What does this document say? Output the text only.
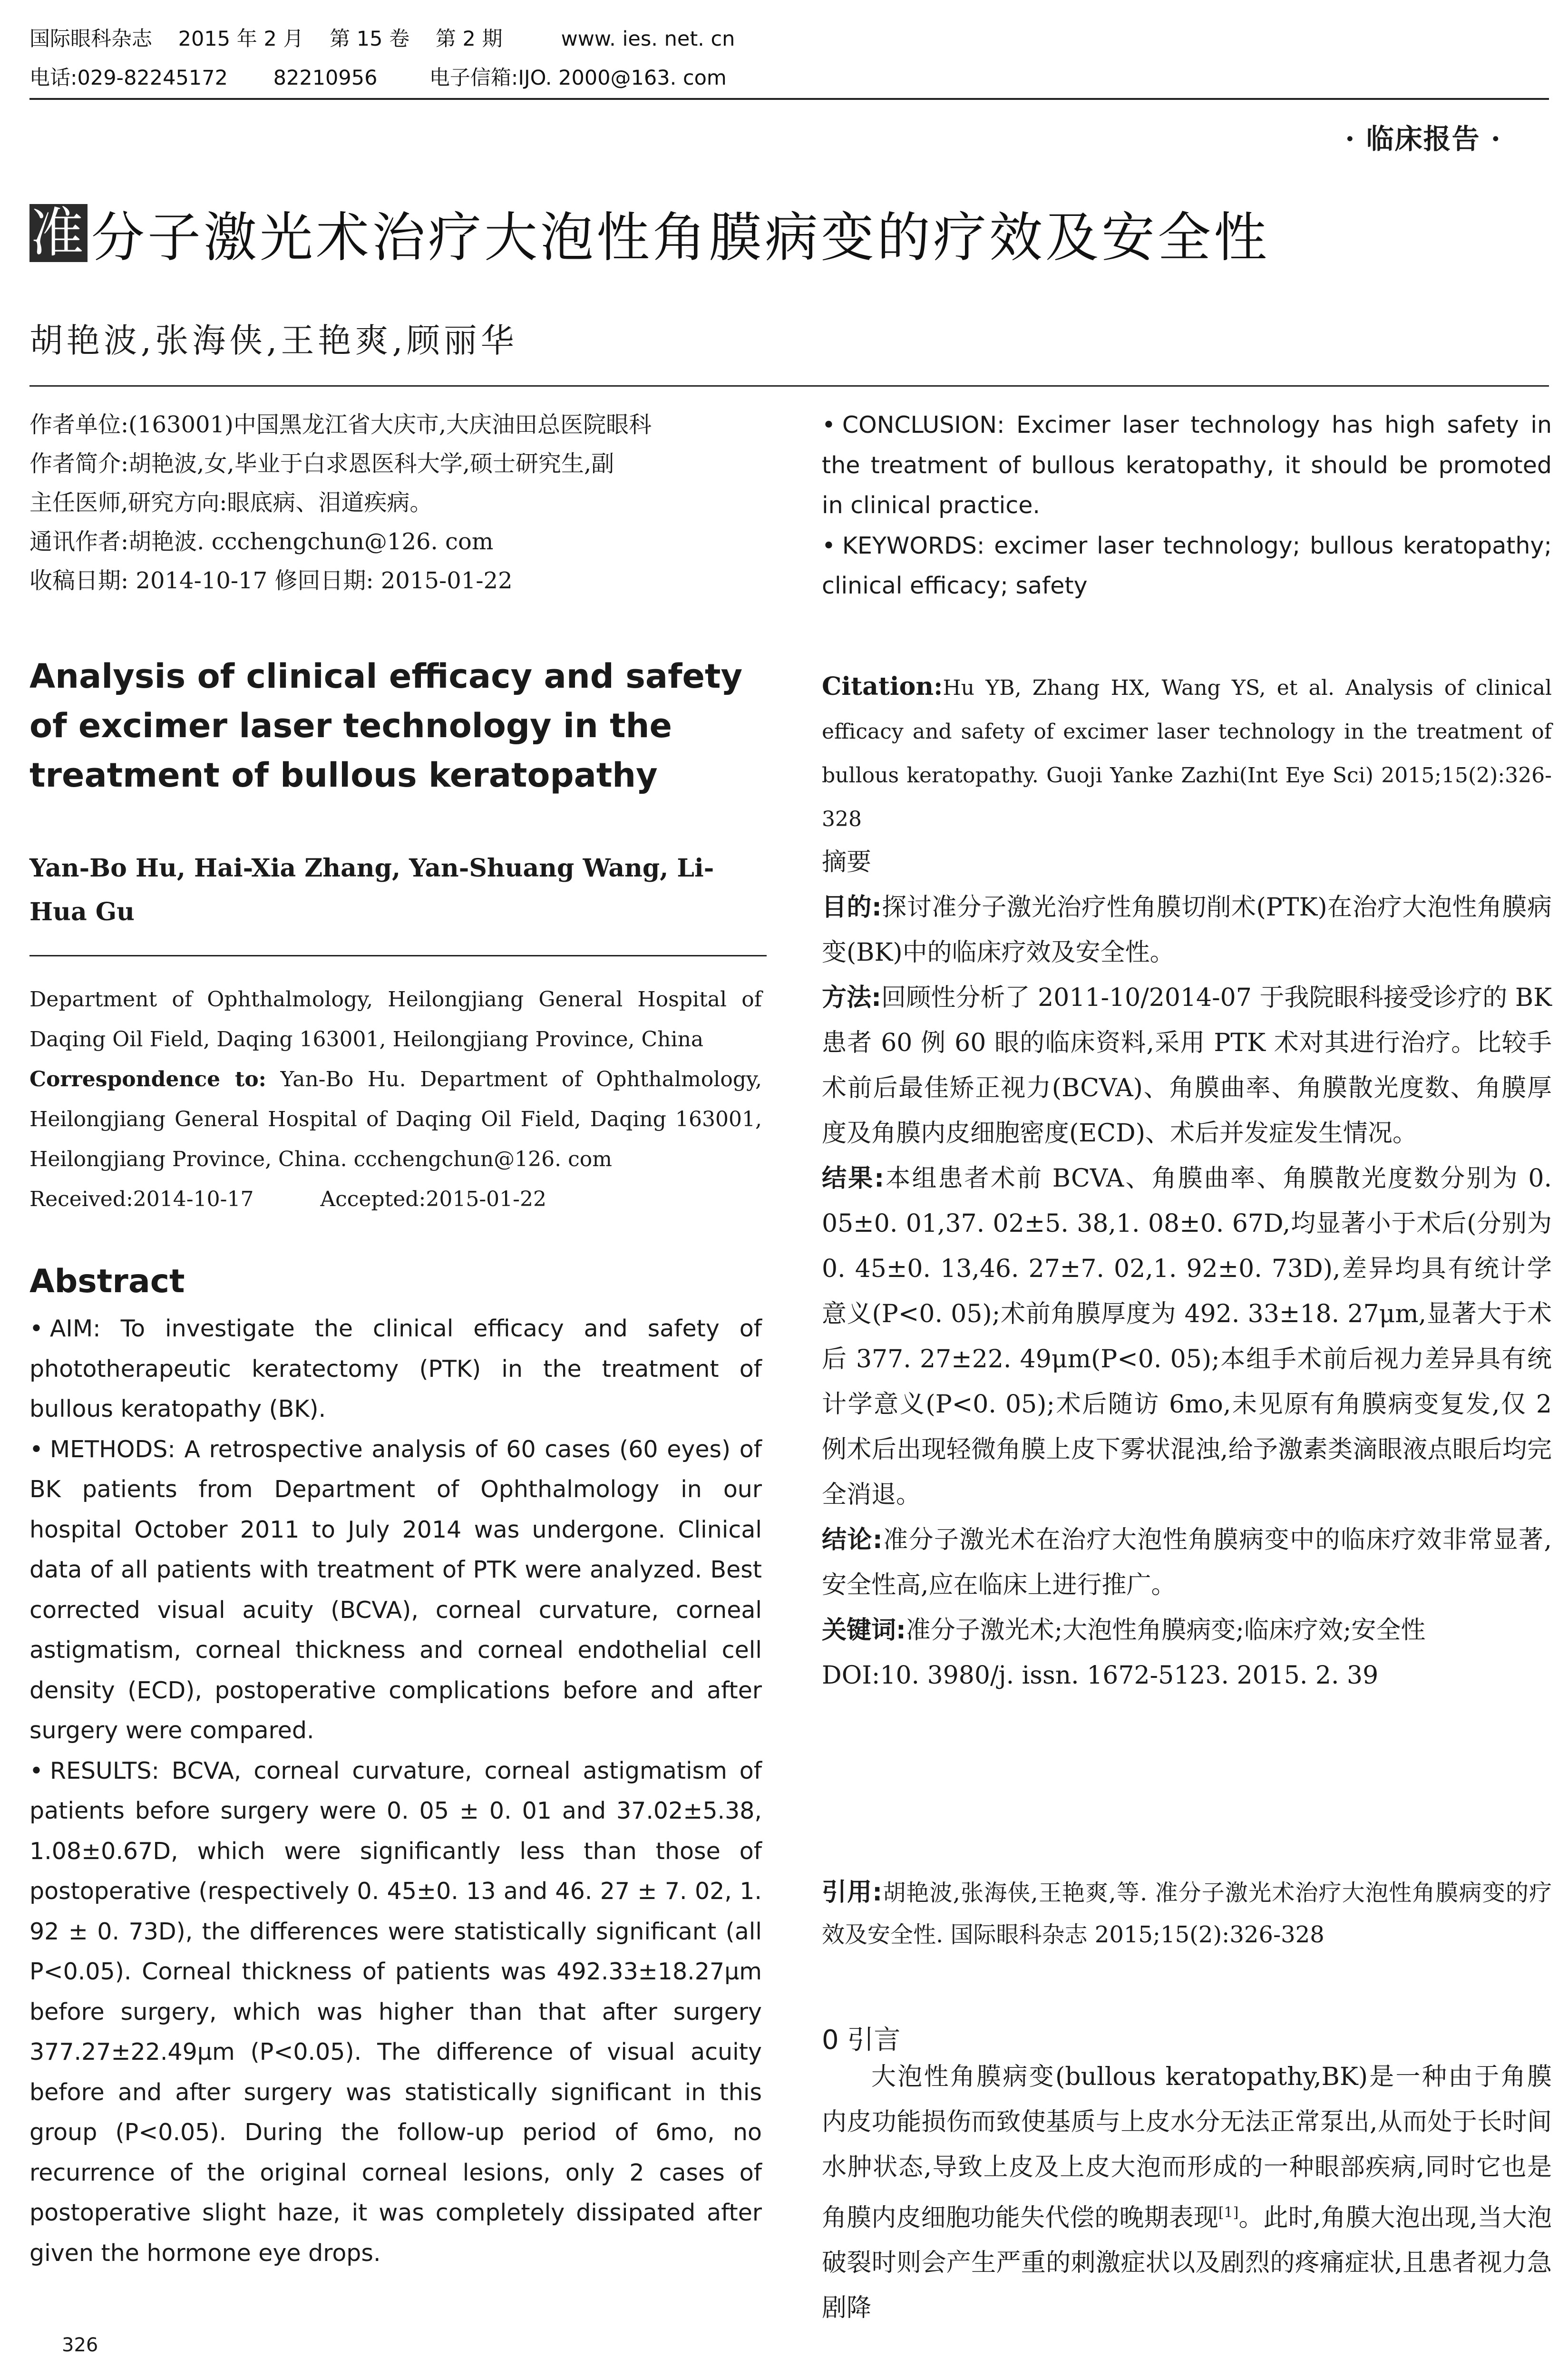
国际眼科杂志    2015 年 2 月    第 15 卷    第 2 期         www. ies. net. cn
电话:029-82245172       82210956        电子信箱:IJO. 2000@163. com
· 临床报告 ·
准 分子激光术治疗大泡性角膜病变的疗效及安全性
胡艳波,张海侠,王艳爽,顾丽华
作者单位:(163001)中国黑龙江省大庆市,大庆油田总医院眼科
作者简介:胡艳波,女,毕业于白求恩医科大学,硕士研究生,副
主任医师,研究方向:眼底病、泪道疾病。
通讯作者:胡艳波. ccchengchun@126. com
收稿日期: 2014-10-17 修回日期: 2015-01-22
Analysis of clinical efficacy and safety of excimer laser technology in the treatment of bullous keratopathy
Yan-Bo Hu, Hai-Xia Zhang, Yan-Shuang Wang, Li-Hua Gu
Department of Ophthalmology, Heilongjiang General Hospital of Daqing Oil Field, Daqing 163001, Heilongjiang Province, China
Correspondence to: Yan-Bo Hu. Department of Ophthalmology, Heilongjiang General Hospital of Daqing Oil Field, Daqing 163001, Heilongjiang Province, China. ccchengchun@126. com
Received:2014-10-17          Accepted:2015-01-22
Abstract
• AIM: To investigate the clinical efficacy and safety of phototherapeutic keratectomy (PTK) in the treatment of bullous keratopathy (BK).
• METHODS: A retrospective analysis of 60 cases (60 eyes) of BK patients from Department of Ophthalmology in our hospital October 2011 to July 2014 was undergone. Clinical data of all patients with treatment of PTK were analyzed. Best corrected visual acuity (BCVA), corneal curvature, corneal astigmatism, corneal thickness and corneal endothelial cell density (ECD), postoperative complications before and after surgery were compared.
• RESULTS: BCVA, corneal curvature, corneal astigmatism of patients before surgery were 0. 05 ± 0. 01 and 37.02±5.38, 1.08±0.67D, which were significantly less than those of postoperative (respectively 0. 45±0. 13 and 46. 27 ± 7. 02, 1. 92 ± 0. 73D), the differences were statistically significant (all P<0.05). Corneal thickness of patients was 492.33±18.27μm before surgery, which was higher than that after surgery 377.27±22.49μm (P<0.05). The difference of visual acuity before and after surgery was statistically significant in this group (P<0.05). During the follow-up period of 6mo, no recurrence of the original corneal lesions, only 2 cases of postoperative slight haze, it was completely dissipated after given the hormone eye drops.
326
• CONCLUSION: Excimer laser technology has high safety in the treatment of bullous keratopathy, it should be promoted in clinical practice.
• KEYWORDS: excimer laser technology; bullous keratopathy; clinical efficacy; safety
Citation:Hu YB, Zhang HX, Wang YS, et al. Analysis of clinical efficacy and safety of excimer laser technology in the treatment of bullous keratopathy. Guoji Yanke Zazhi(Int Eye Sci) 2015;15(2):326-328
摘要
目的:探讨准分子激光治疗性角膜切削术(PTK)在治疗大泡性角膜病变(BK)中的临床疗效及安全性。
方法:回顾性分析了 2011-10/2014-07 于我院眼科接受诊疗的 BK 患者 60 例 60 眼的临床资料,采用 PTK 术对其进行治疗。比较手术前后最佳矫正视力(BCVA)、角膜曲率、角膜散光度数、角膜厚度及角膜内皮细胞密度(ECD)、术后并发症发生情况。
结果:本组患者术前 BCVA、角膜曲率、角膜散光度数分别为 0. 05±0. 01,37. 02±5. 38,1. 08±0. 67D,均显著小于术后(分别为 0. 45±0. 13,46. 27±7. 02,1. 92±0. 73D),差异均具有统计学意义(P<0. 05);术前角膜厚度为 492. 33±18. 27μm,显著大于术后 377. 27±22. 49μm(P<0. 05);本组手术前后视力差异具有统计学意义(P<0. 05);术后随访 6mo,未见原有角膜病变复发,仅 2 例术后出现轻微角膜上皮下雾状混浊,给予激素类滴眼液点眼后均完全消退。
结论:准分子激光术在治疗大泡性角膜病变中的临床疗效非常显著,安全性高,应在临床上进行推广。
关键词:准分子激光术;大泡性角膜病变;临床疗效;安全性
DOI:10. 3980/j. issn. 1672-5123. 2015. 2. 39
引用:胡艳波,张海侠,王艳爽,等. 准分子激光术治疗大泡性角膜病变的疗效及安全性. 国际眼科杂志 2015;15(2):326-328
0 引言
大泡性角膜病变(bullous keratopathy,BK)是一种由于角膜内皮功能损伤而致使基质与上皮水分无法正常泵出,从而处于长时间水肿状态,导致上皮及上皮大泡而形成的一种眼部疾病,同时它也是角膜内皮细胞功能失代偿的晚期表现[1]。此时,角膜大泡出现,当大泡破裂时则会产生严重的刺激症状以及剧烈的疼痛症状,且患者视力急剧降
